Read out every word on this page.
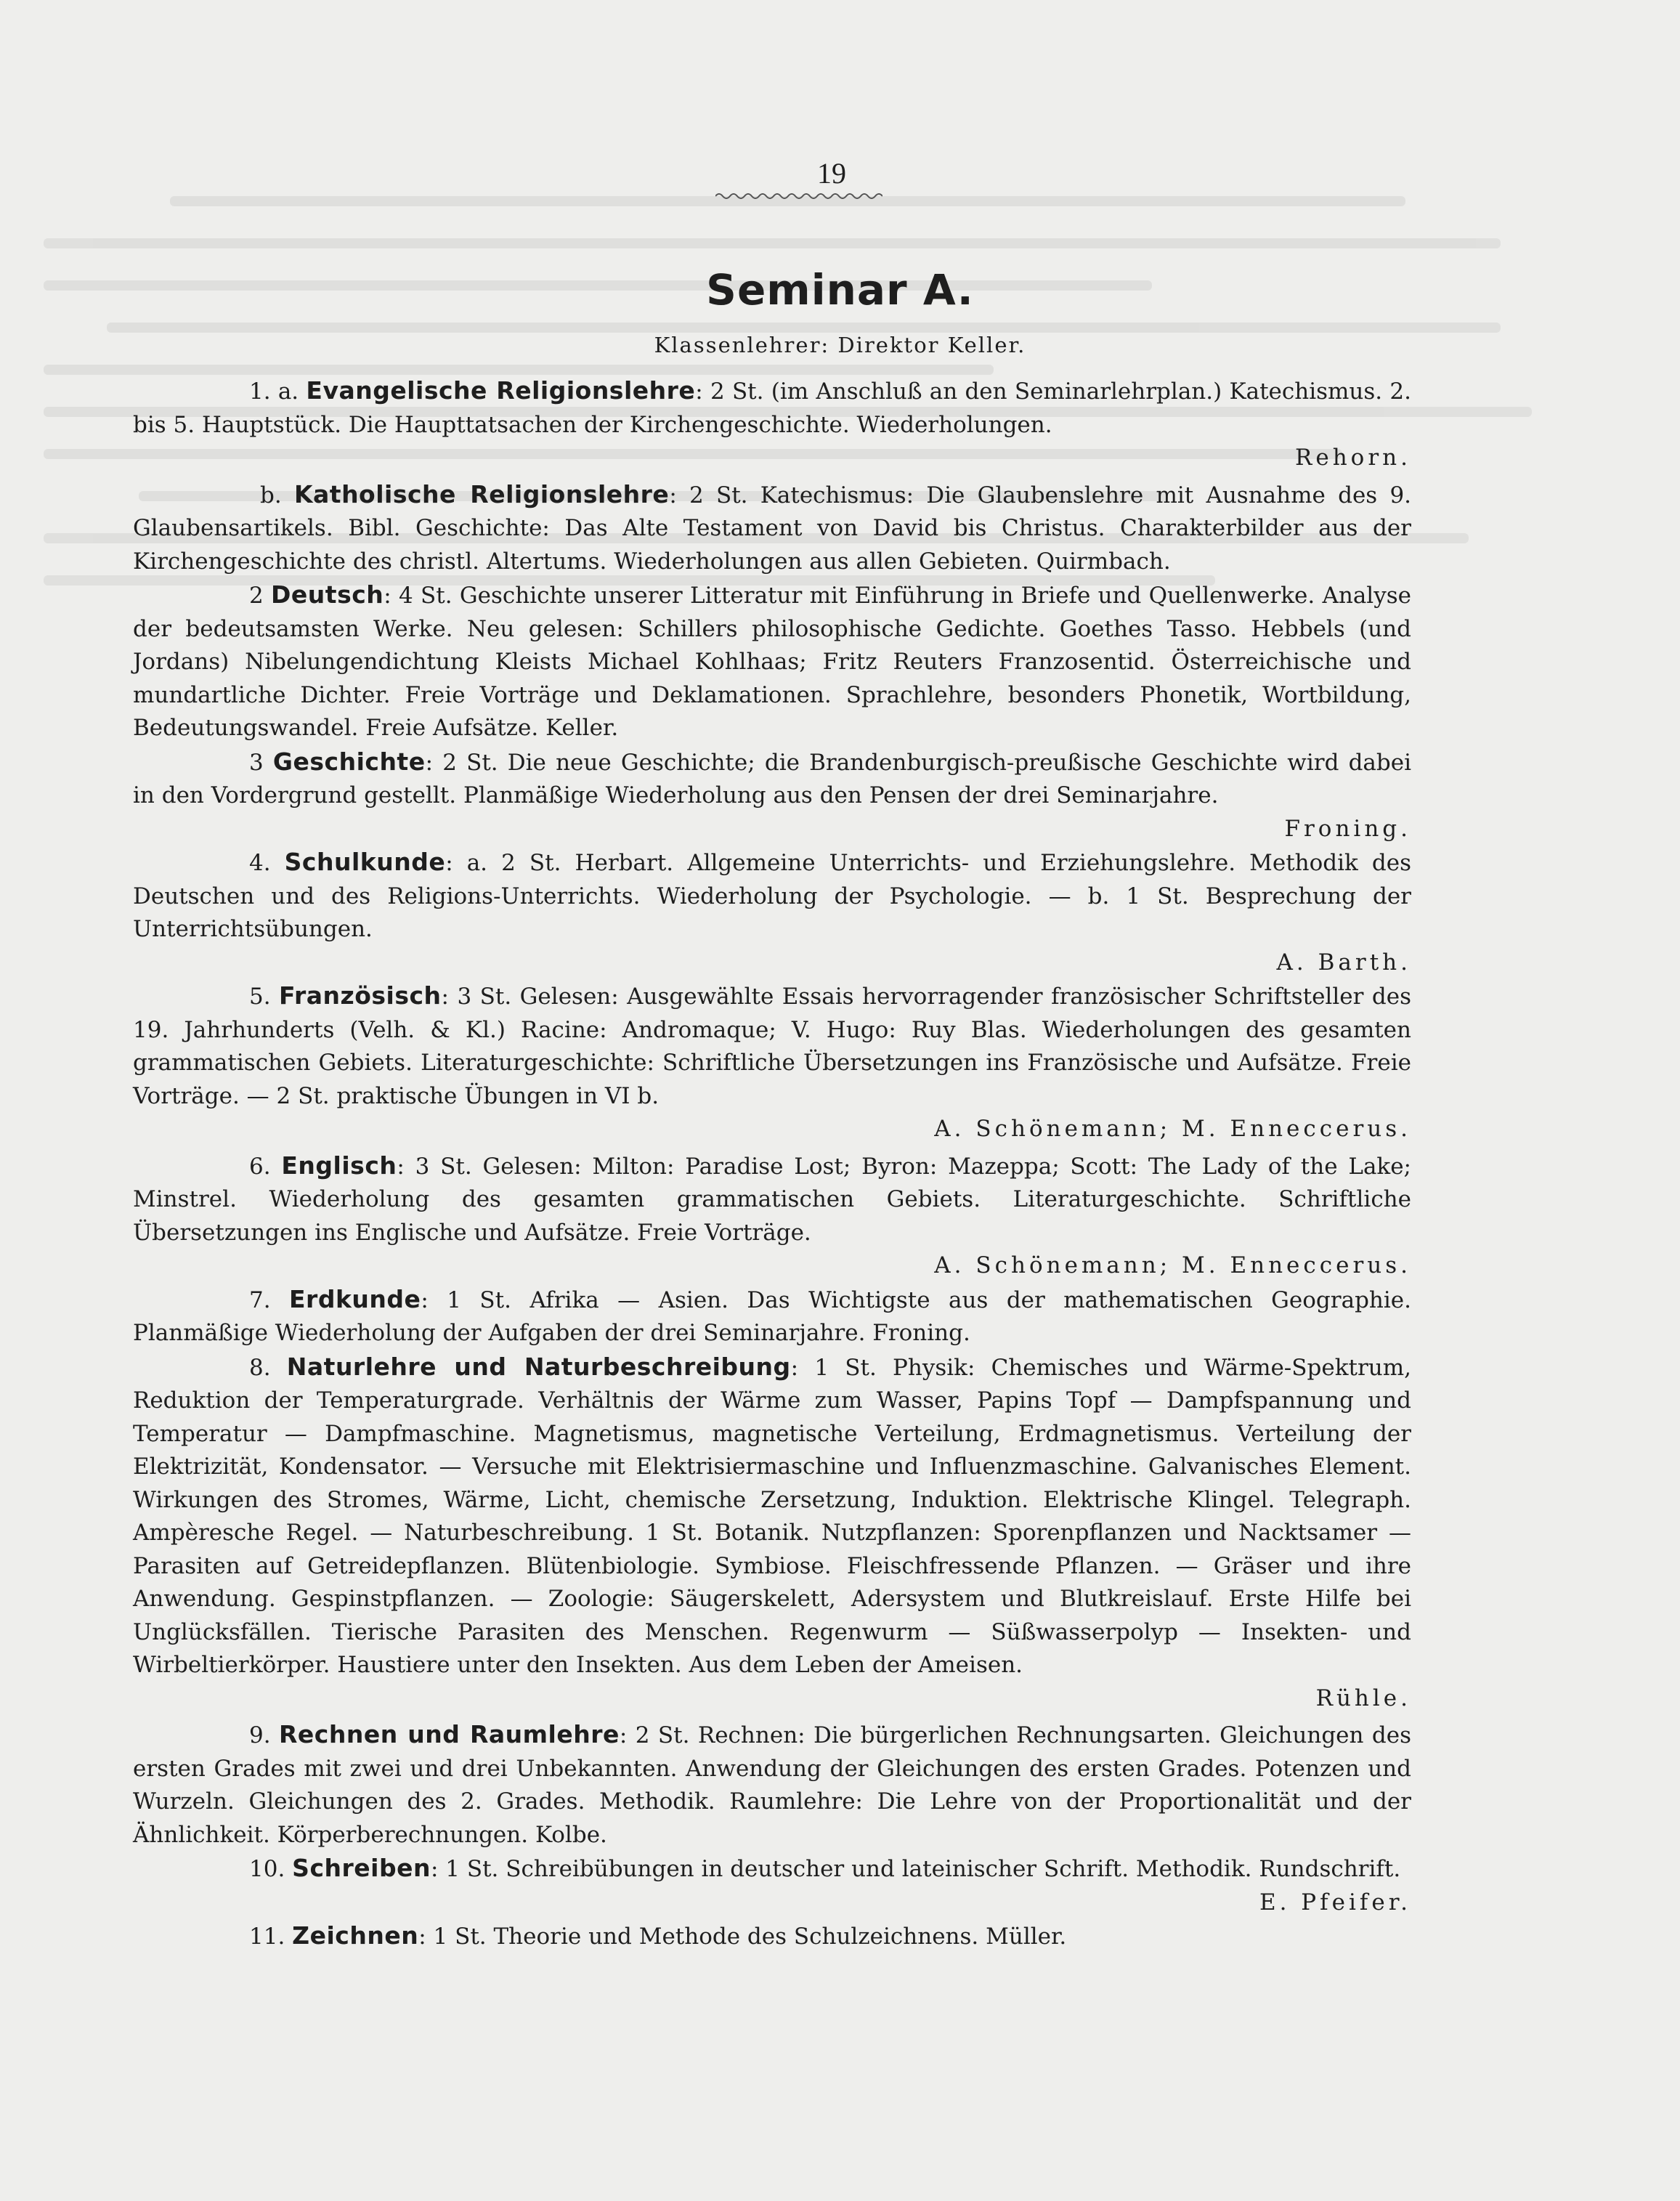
19
Seminar A.
Klassenlehrer: Direktor Keller.

1. a. Evangelische Religionslehre: 2 St. (im Anschluß an den Seminarlehrplan.) Katechismus. 2. bis 5. Hauptstück. Die Haupttatsachen der Kirchengeschichte. Wiederholungen.
Rehorn.

b. Katholische Religionslehre: 2 St. Katechismus: Die Glaubenslehre mit Ausnahme des 9. Glaubensartikels. Bibl. Geschichte: Das Alte Testament von David bis Christus. Charakterbilder aus der Kirchengeschichte des christl. Altertums. Wiederholungen aus allen Gebieten. Quirmbach.

2 Deutsch: 4 St. Geschichte unserer Litteratur mit Einführung in Briefe und Quellenwerke. Analyse der bedeutsamsten Werke. Neu gelesen: Schillers philosophische Gedichte. Goethes Tasso. Hebbels (und Jordans) Nibelungendichtung Kleists Michael Kohlhaas; Fritz Reuters Franzosentid. Österreichische und mundartliche Dichter. Freie Vorträge und Deklamationen. Sprachlehre, besonders Phonetik, Wortbildung, Bedeutungswandel. Freie Aufsätze. Keller.

3 Geschichte: 2 St. Die neue Geschichte; die Brandenburgisch-preußische Geschichte wird dabei in den Vordergrund gestellt. Planmäßige Wiederholung aus den Pensen der drei Seminarjahre.
Froning.

4. Schulkunde: a. 2 St. Herbart. Allgemeine Unterrichts- und Erziehungslehre. Methodik des Deutschen und des Religions-Unterrichts. Wiederholung der Psychologie. — b. 1 St. Besprechung der Unterrichtsübungen.
A. Barth.

5. Französisch: 3 St. Gelesen: Ausgewählte Essais hervorragender französischer Schriftsteller des 19. Jahrhunderts (Velh. & Kl.) Racine: Andromaque; V. Hugo: Ruy Blas. Wiederholungen des gesamten grammatischen Gebiets. Literaturgeschichte: Schriftliche Übersetzungen ins Französische und Aufsätze. Freie Vorträge. — 2 St. praktische Übungen in VI b.
A. Schönemann; M. Enneccerus.

6. Englisch: 3 St. Gelesen: Milton: Paradise Lost; Byron: Mazeppa; Scott: The Lady of the Lake; Minstrel. Wiederholung des gesamten grammatischen Gebiets. Literaturgeschichte. Schriftliche Übersetzungen ins Englische und Aufsätze. Freie Vorträge.
A. Schönemann; M. Enneccerus.

7. Erdkunde: 1 St. Afrika — Asien. Das Wichtigste aus der mathematischen Geographie. Planmäßige Wiederholung der Aufgaben der drei Seminarjahre. Froning.

8. Naturlehre und Naturbeschreibung: 1 St. Physik: Chemisches und Wärme-Spektrum, Reduktion der Temperaturgrade. Verhältnis der Wärme zum Wasser, Papins Topf — Dampfspannung und Temperatur — Dampfmaschine. Magnetismus, magnetische Verteilung, Erdmagnetismus. Verteilung der Elektrizität, Kondensator. — Versuche mit Elektrisiermaschine und Influenzmaschine. Galvanisches Element. Wirkungen des Stromes, Wärme, Licht, chemische Zersetzung, Induktion. Elektrische Klingel. Telegraph. Ampèresche Regel. — Naturbeschreibung. 1 St. Botanik. Nutzpflanzen: Sporenpflanzen und Nacktsamer — Parasiten auf Getreidepflanzen. Blütenbiologie. Symbiose. Fleischfressende Pflanzen. — Gräser und ihre Anwendung. Gespinstpflanzen. — Zoologie: Säugerskelett, Adersystem und Blutkreislauf. Erste Hilfe bei Unglücksfällen. Tierische Parasiten des Menschen. Regenwurm — Süßwasserpolyp — Insekten- und Wirbeltierkörper. Haustiere unter den Insekten. Aus dem Leben der Ameisen.
Rühle.

9. Rechnen und Raumlehre: 2 St. Rechnen: Die bürgerlichen Rechnungsarten. Gleichungen des ersten Grades mit zwei und drei Unbekannten. Anwendung der Gleichungen des ersten Grades. Potenzen und Wurzeln. Gleichungen des 2. Grades. Methodik. Raumlehre: Die Lehre von der Proportionalität und der Ähnlichkeit. Körperberechnungen. Kolbe.

10. Schreiben: 1 St. Schreibübungen in deutscher und lateinischer Schrift. Methodik. Rundschrift.
E. Pfeifer.

11. Zeichnen: 1 St. Theorie und Methode des Schulzeichnens. Müller.
